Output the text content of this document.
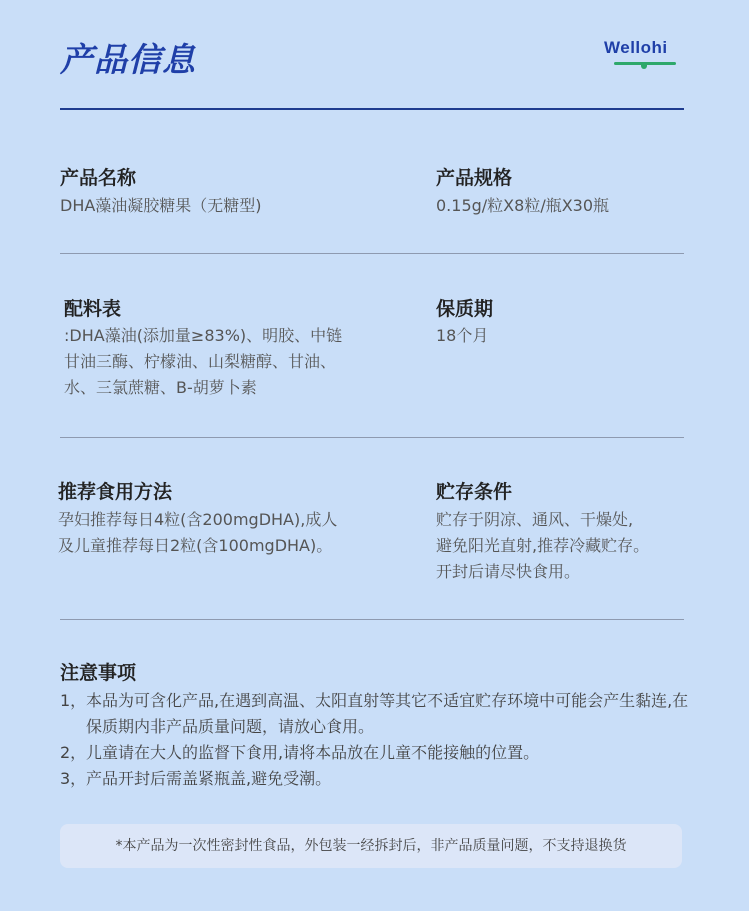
产品信息	Wellohi
产品名称
DHA藻油凝胶糖果（无糖型)
产品规格
0.15g/粒X8粒/瓶X30瓶
配料表
:DHA藻油(添加量≥83%)、明胶、中链
甘油三酶、柠檬油、山梨糖醇、甘油、
水、三氯蔗糖、B-胡萝卜素
保质期
18个月
推荐食用方法
孕妇推荐每日4粒(含200mgDHA),成人
及儿童推荐每日2粒(含100mgDHA)。
贮存条件
贮存于阴凉、通风、干燥处,
避免阳光直射,推荐冷藏贮存。
开封后请尽快食用。
注意事项
1， 本品为可含化产品,在遇到高温、太阳直射等其它不适宜贮存环境中可能会产生黏连,在保质期内非产品质量问题，请放心食用。
2， 儿童请在大人的监督下食用,请将本品放在儿童不能接触的位置。
3， 产品开封后需盖紧瓶盖,避免受潮。
*本产品为一次性密封性食品，外包装一经拆封后，非产品质量问题，不支持退换货
